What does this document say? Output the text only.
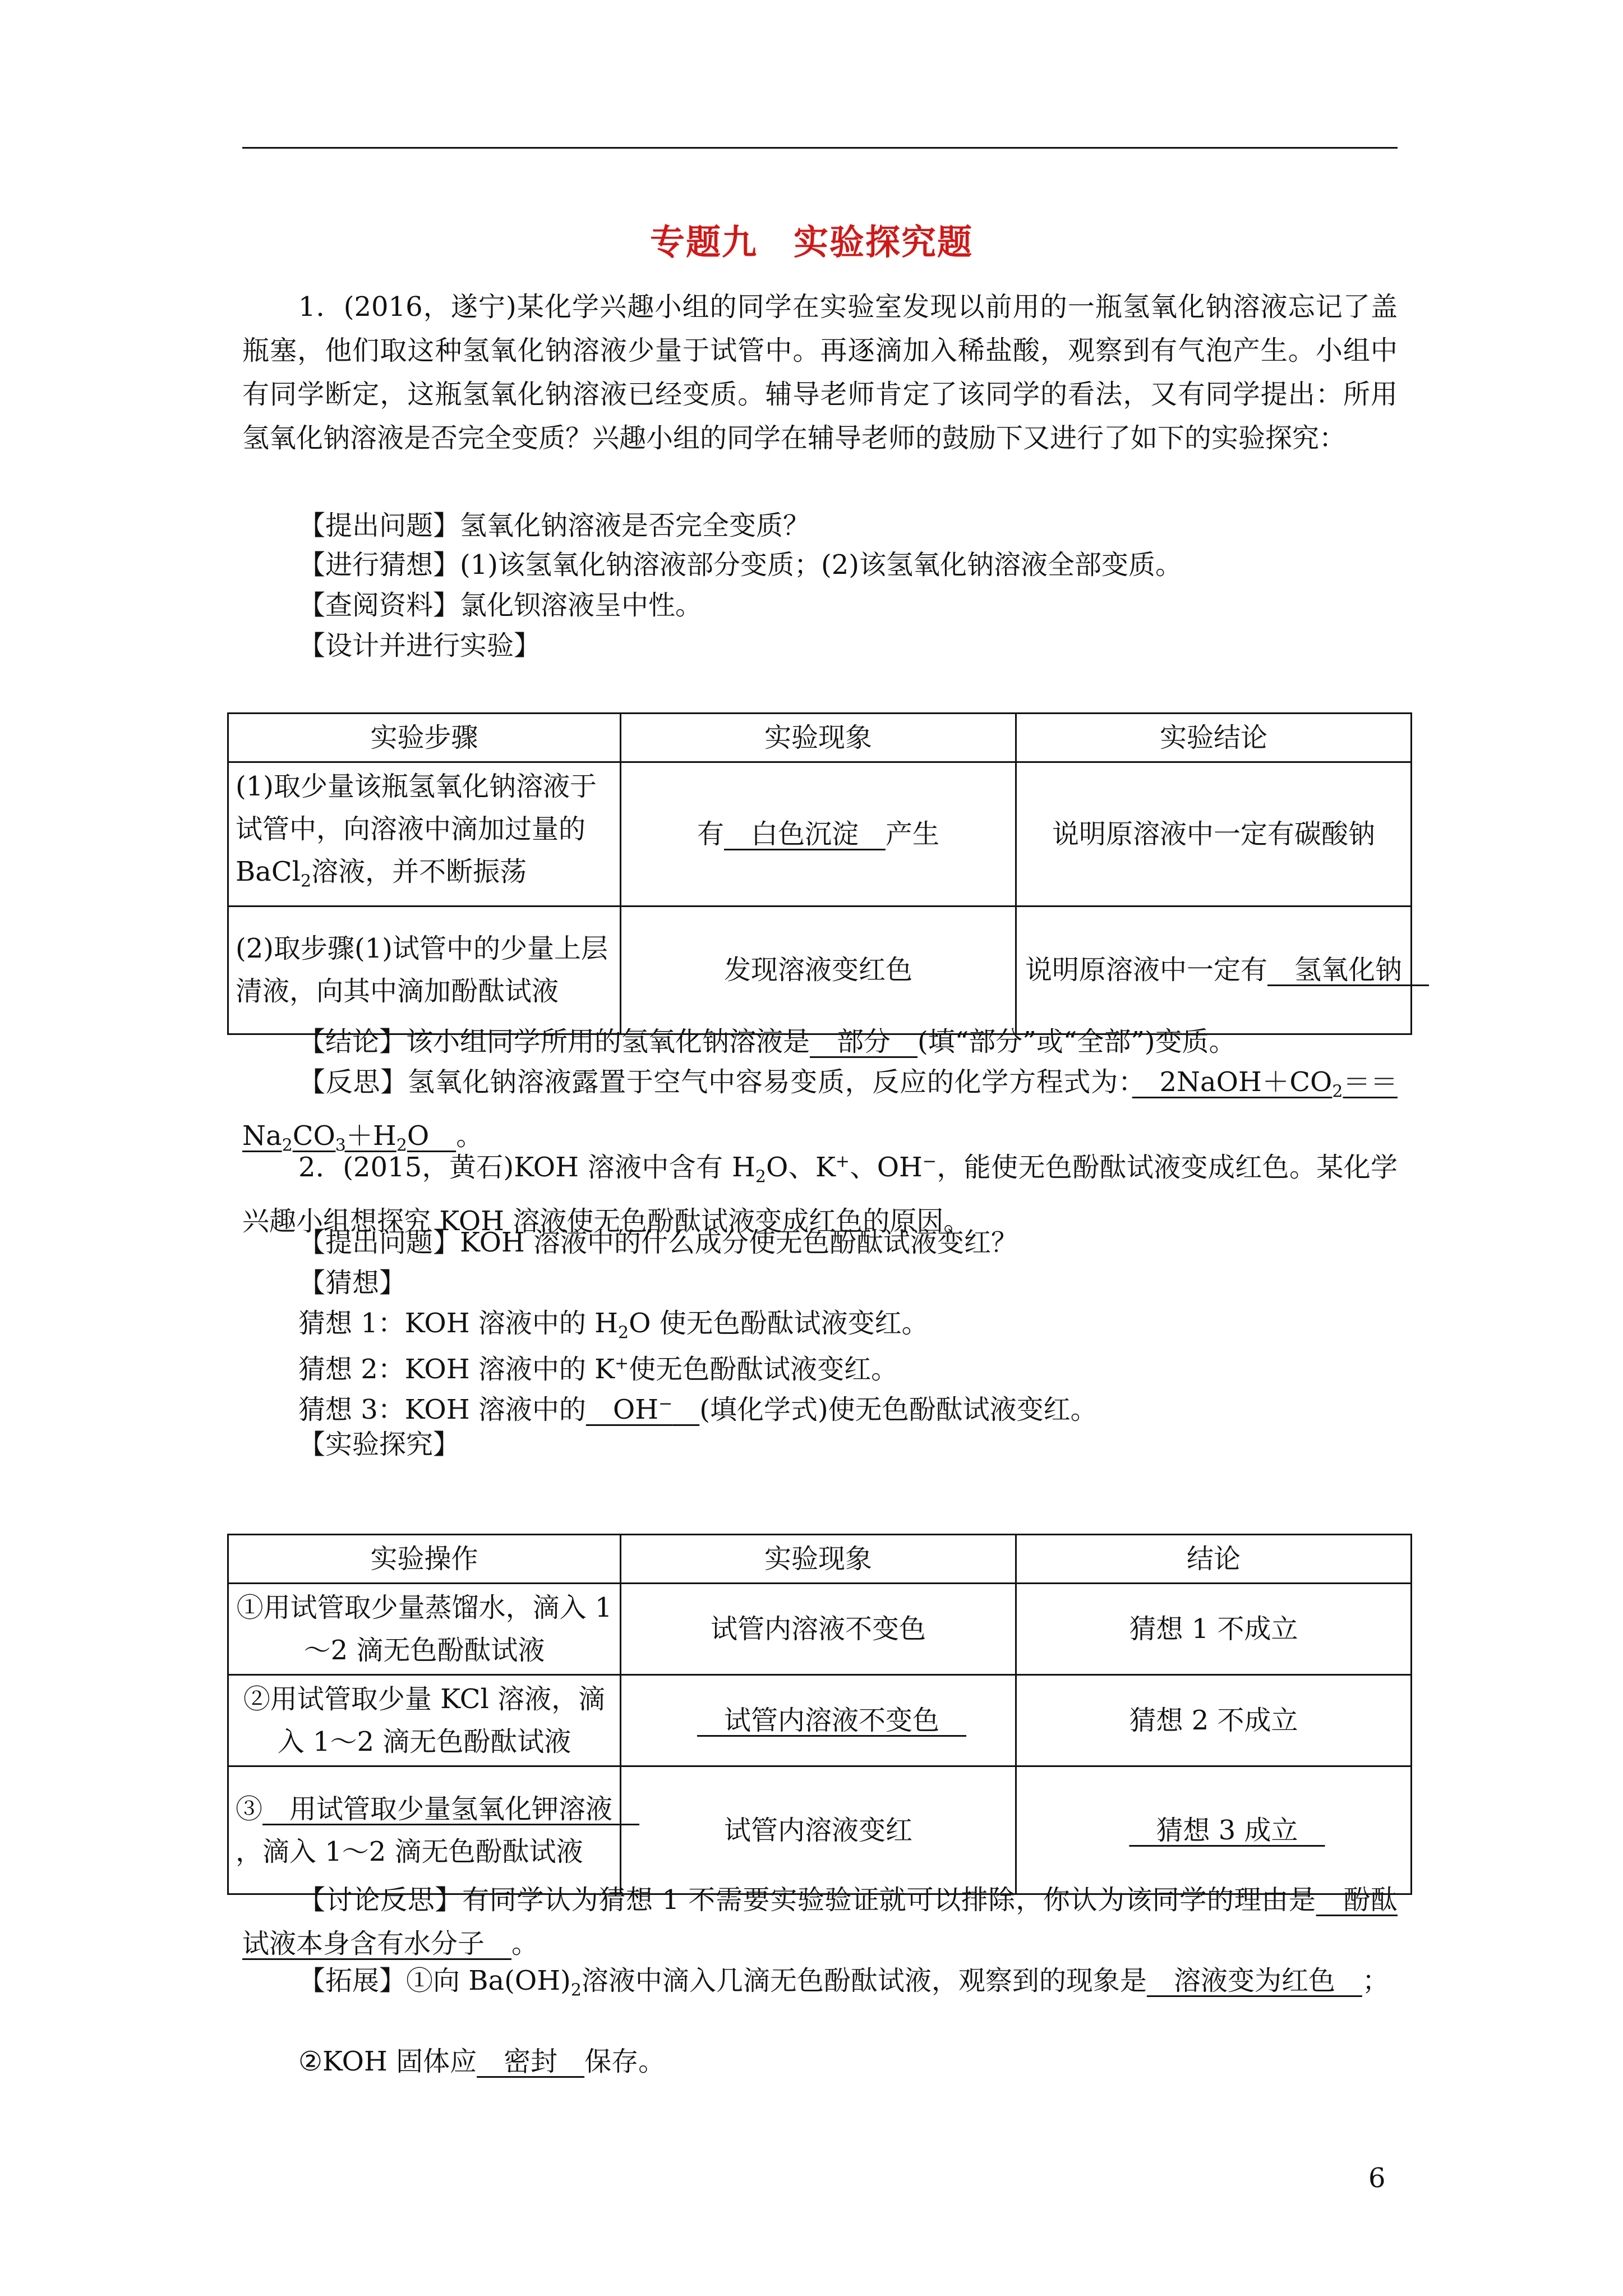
专题九　实验探究题
1．(2016，遂宁)某化学兴趣小组的同学在实验室发现以前用的一瓶氢氧化钠溶液忘记了盖瓶塞，他们取这种氢氧化钠溶液少量于试管中。再逐滴加入稀盐酸，观察到有气泡产生。小组中有同学断定，这瓶氢氧化钠溶液已经变质。辅导老师肯定了该同学的看法，又有同学提出：所用氢氧化钠溶液是否完全变质？兴趣小组的同学在辅导老师的鼓励下又进行了如下的实验探究：
【提出问题】氢氧化钠溶液是否完全变质？
【进行猜想】(1)该氢氧化钠溶液部分变质；(2)该氢氧化钠溶液全部变质。
【查阅资料】氯化钡溶液呈中性。
【设计并进行实验】
实验步骤	实验现象	实验结论
(1)取少量该瓶氢氧化钠溶液于试管中，向溶液中滴加过量的 BaCl$_2$溶液，并不断振荡	有　白色沉淀　产生	说明原溶液中一定有碳酸钠
(2)取步骤(1)试管中的少量上层清液，向其中滴加酚酞试液	发现溶液变红色	说明原溶液中一定有　氢氧化钠　
【结论】该小组同学所用的氢氧化钠溶液是　部分　(填“部分”或“全部”)变质。
【反思】氢氧化钠溶液露置于空气中容易变质，反应的化学方程式为：　$2NaOH+CO_2==Na_2CO_3+H_2O$　。
2．(2015，黄石)KOH 溶液中含有 $H_2O$、K+、OH−，能使无色酚酞试液变成红色。某化学兴趣小组想探究 KOH 溶液使无色酚酞试液变成红色的原因。
【提出问题】KOH 溶液中的什么成分使无色酚酞试液变红？
【猜想】
猜想 1：KOH 溶液中的 $H_2O$ 使无色酚酞试液变红。
猜想 2：KOH 溶液中的 K+使无色酚酞试液变红。
猜想 3：KOH 溶液中的　OH−　 (填化学式)使无色酚酞试液变红。
【实验探究】
实验操作	实验现象	结论
①用试管取少量蒸馏水，滴入 1～2 滴无色酚酞试液	试管内溶液不变色	猜想 1 不成立
②用试管取少量 KCl 溶液，滴入 1～2 滴无色酚酞试液	　试管内溶液不变色　	猜想 2 不成立
③　用试管取少量氢氧化钾溶液　，滴入 1～2 滴无色酚酞试液	试管内溶液变红	　猜想 3 成立　
【讨论反思】有同学认为猜想 1 不需要实验验证就可以排除，你认为该同学的理由是　酚酞试液本身含有水分子　。
【拓展】①向 $Ba(OH)_2$溶液中滴入几滴无色酚酞试液，观察到的现象是　溶液变为红色　；
②KOH 固体应　密封　保存。
6
